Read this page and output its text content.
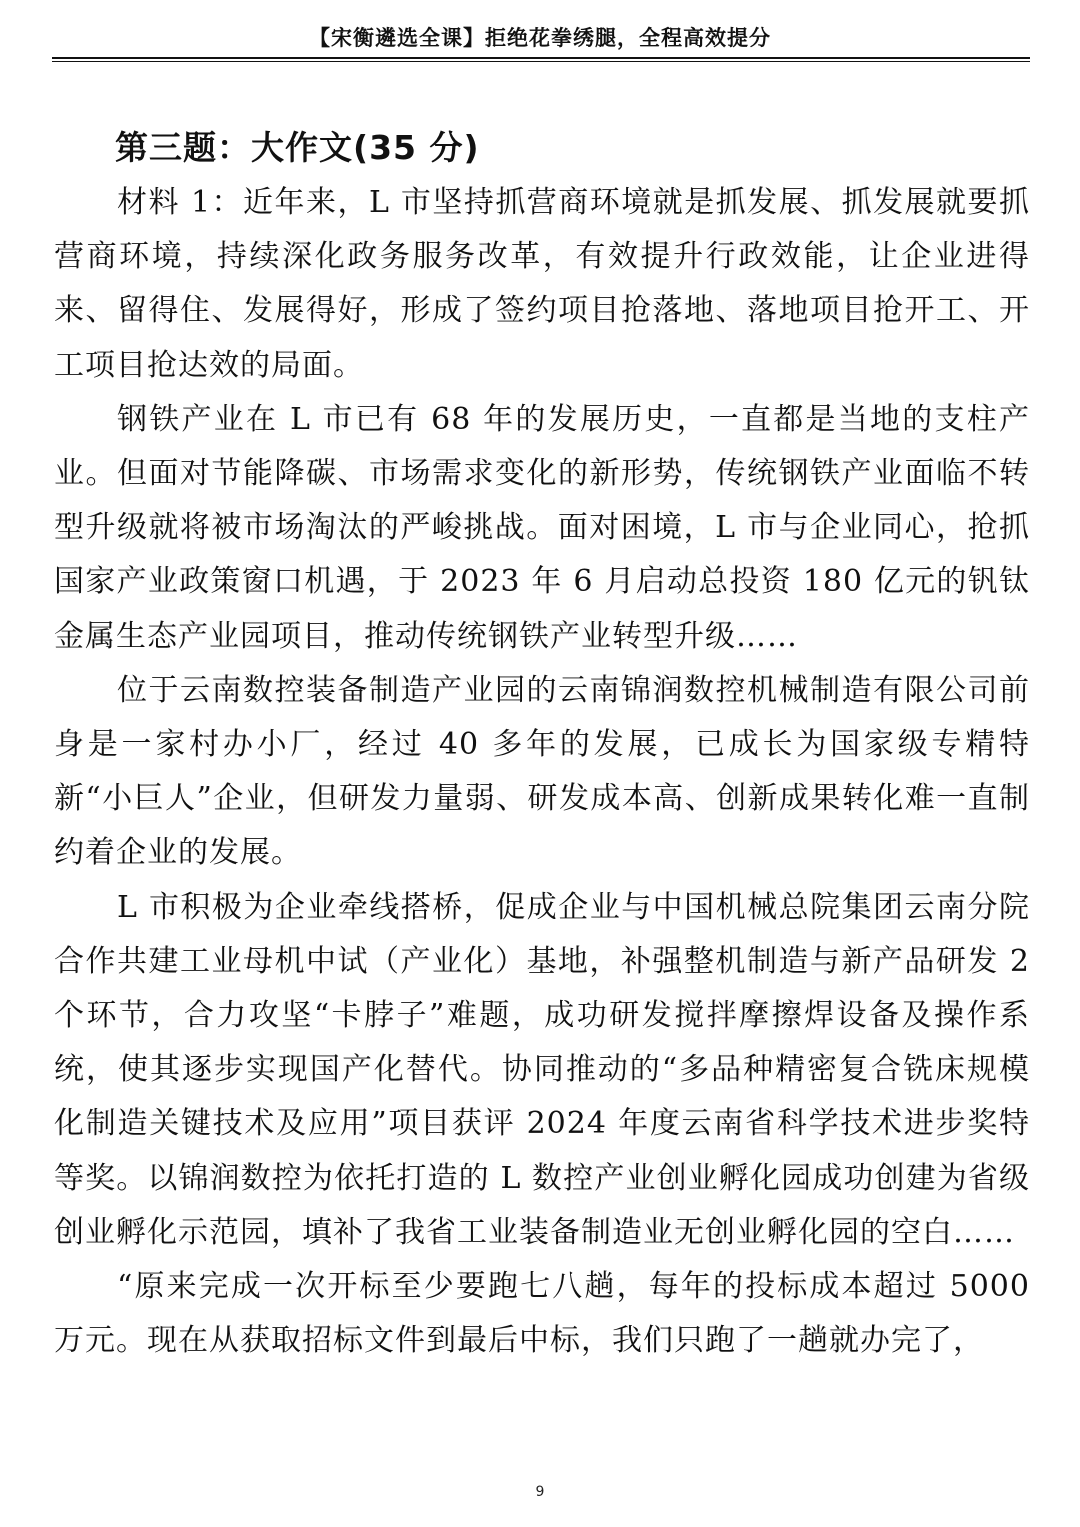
【宋衡遴选全课】拒绝花拳绣腿，全程高效提分
第三题：大作文(35 分)

材料 1：近年来，L 市坚持抓营商环境就是抓发展、抓发展就要抓营商环境，持续深化政务服务改革，有效提升行政效能，让企业进得来、留得住、发展得好，形成了签约项目抢落地、落地项目抢开工、开工项目抢达效的局面。

钢铁产业在 L 市已有 68 年的发展历史，一直都是当地的支柱产业。但面对节能降碳、市场需求变化的新形势，传统钢铁产业面临不转型升级就将被市场淘汰的严峻挑战。面对困境，L 市与企业同心，抢抓国家产业政策窗口机遇，于 2023 年 6 月启动总投资 180 亿元的钒钛金属生态产业园项目，推动传统钢铁产业转型升级……

位于云南数控装备制造产业园的云南锦润数控机械制造有限公司前身是一家村办小厂，经过 40 多年的发展，已成长为国家级专精特新“小巨人”企业，但研发力量弱、研发成本高、创新成果转化难一直制约着企业的发展。

L 市积极为企业牵线搭桥，促成企业与中国机械总院集团云南分院合作共建工业母机中试（产业化）基地，补强整机制造与新产品研发 2 个环节，合力攻坚“卡脖子”难题，成功研发搅拌摩擦焊设备及操作系统，使其逐步实现国产化替代。协同推动的“多品种精密复合铣床规模化制造关键技术及应用”项目获评 2024 年度云南省科学技术进步奖特等奖。以锦润数控为依托打造的 L 数控产业创业孵化园成功创建为省级创业孵化示范园，填补了我省工业装备制造业无创业孵化园的空白……

“原来完成一次开标至少要跑七八趟，每年的投标成本超过 5000 万元。现在从获取招标文件到最后中标，我们只跑了一趟就办完了，

9
